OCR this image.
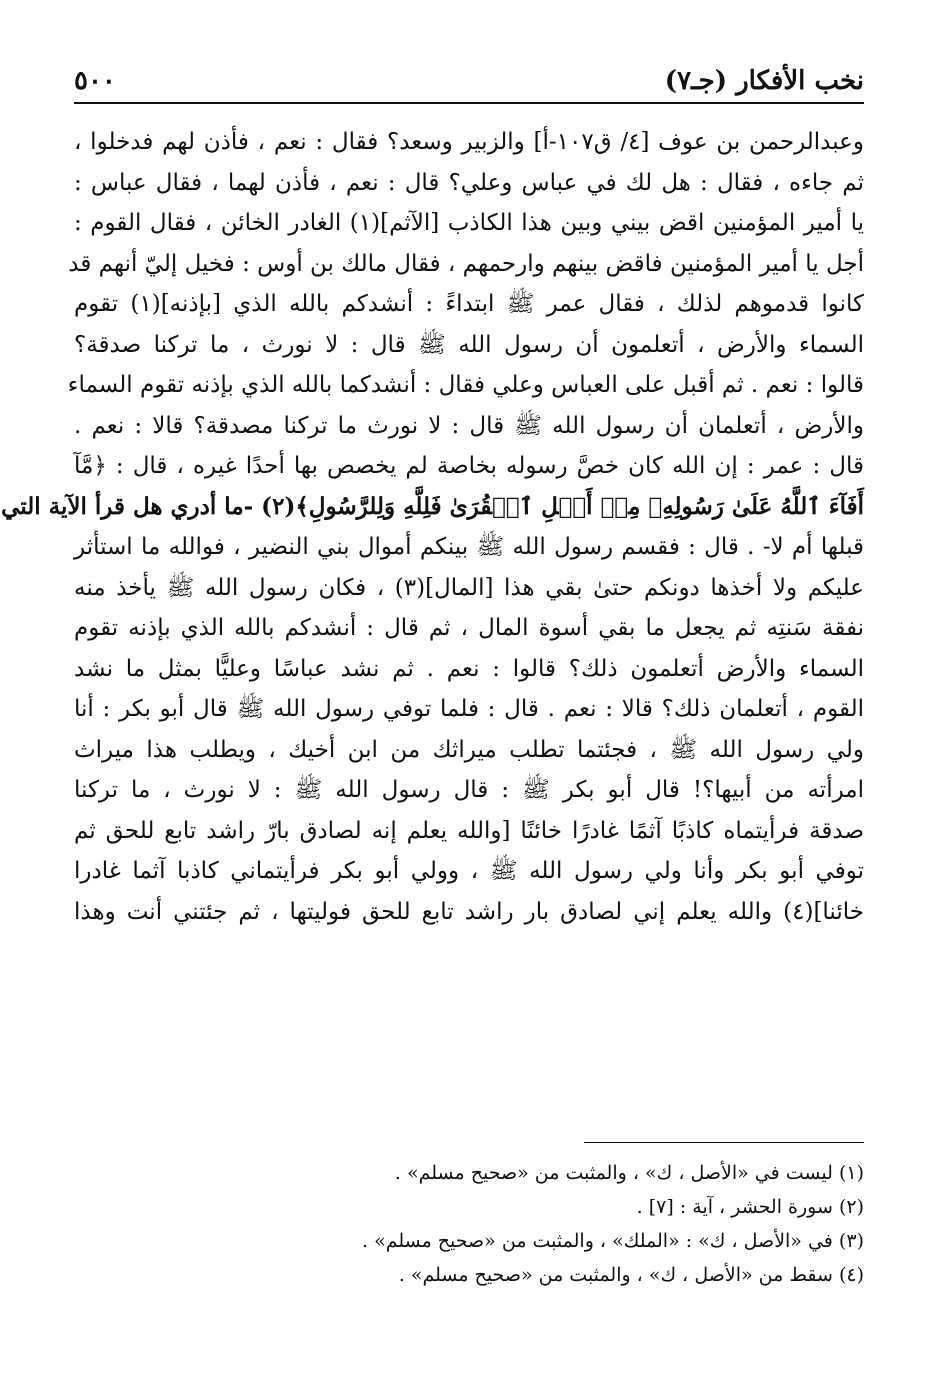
نخب الأفكار (جـ٧)
٥٠٠
وعبدالرحمن بن عوف [٤/ ق١٠٧-أ] والزبير وسعد؟ فقال : نعم ، فأذن لهم فدخلوا ،
ثم جاءه ، فقال : هل لك في عباس وعلي؟ قال : نعم ، فأذن لهما ، فقال عباس :
يا أمير المؤمنين اقض بيني وبين هذا الكاذب [الآثم](١) الغادر الخائن ، فقال القوم :
أجل يا أمير المؤمنين فاقض بينهم وارحمهم ، فقال مالك بن أوس : فخيل إليّ أنهم قد
كانوا قدموهم لذلك ، فقال عمر ﷺ ابتداءً : أنشدكم بالله الذي [بإذنه](١) تقوم
السماء والأرض ، أتعلمون أن رسول الله ﷺ قال : لا نورث ، ما تركنا صدقة؟
قالوا : نعم . ثم أقبل على العباس وعلي فقال : أنشدكما بالله الذي بإذنه تقوم السماء
والأرض ، أتعلمان أن رسول الله ﷺ قال : لا نورث ما تركنا مصدقة؟ قالا : نعم .
قال : عمر : إن الله كان خصَّ رسوله بخاصة لم يخصص بها أحدًا غيره ، قال : ﴿مَّآ
أَفَآءَ ٱللَّهُ عَلَىٰ رَسُولِهِۦ مِنۡ أَهۡلِ ٱلۡقُرَىٰ فَلِلَّهِ وَلِلرَّسُولِ﴾(٢) -ما أدري هل قرأ الآية التي
قبلها أم لا- . قال : فقسم رسول الله ﷺ بينكم أموال بني النضير ، فوالله ما استأثر
عليكم ولا أخذها دونكم حتىٰ بقي هذا [المال](٣) ، فكان رسول الله ﷺ يأخذ منه
نفقة سَنتِه ثم يجعل ما بقي أسوة المال ، ثم قال : أنشدكم بالله الذي بإذنه تقوم
السماء والأرض أتعلمون ذلك؟ قالوا : نعم . ثم نشد عباسًا وعليًّا بمثل ما نشد
القوم ، أتعلمان ذلك؟ قالا : نعم . قال : فلما توفي رسول الله ﷺ قال أبو بكر : أنا
ولي رسول الله ﷺ ، فجئتما تطلب ميراثك من ابن أخيك ، ويطلب هذا ميراث
امرأته من أبيها؟! قال أبو بكر ﷺ : قال رسول الله ﷺ : لا نورث ، ما تركنا
صدقة فرأيتماه كاذبًا آثمًا غادرًا خائنًا [والله يعلم إنه لصادق بارّ راشد تابع للحق ثم
توفي أبو بكر وأنا ولي رسول الله ﷺ ، وولي أبو بكر فرأيتماني كاذبا آثما غادرا
خائنا](٤) والله يعلم إني لصادق بار راشد تابع للحق فوليتها ، ثم جئتني أنت وهذا
(١) ليست في «الأصل ، ك» ، والمثبت من «صحيح مسلم» .
(٢) سورة الحشر ، آية : [٧] .
(٣) في «الأصل ، ك» : «الملك» ، والمثبت من «صحيح مسلم» .
(٤) سقط من «الأصل ، ك» ، والمثبت من «صحيح مسلم» .
